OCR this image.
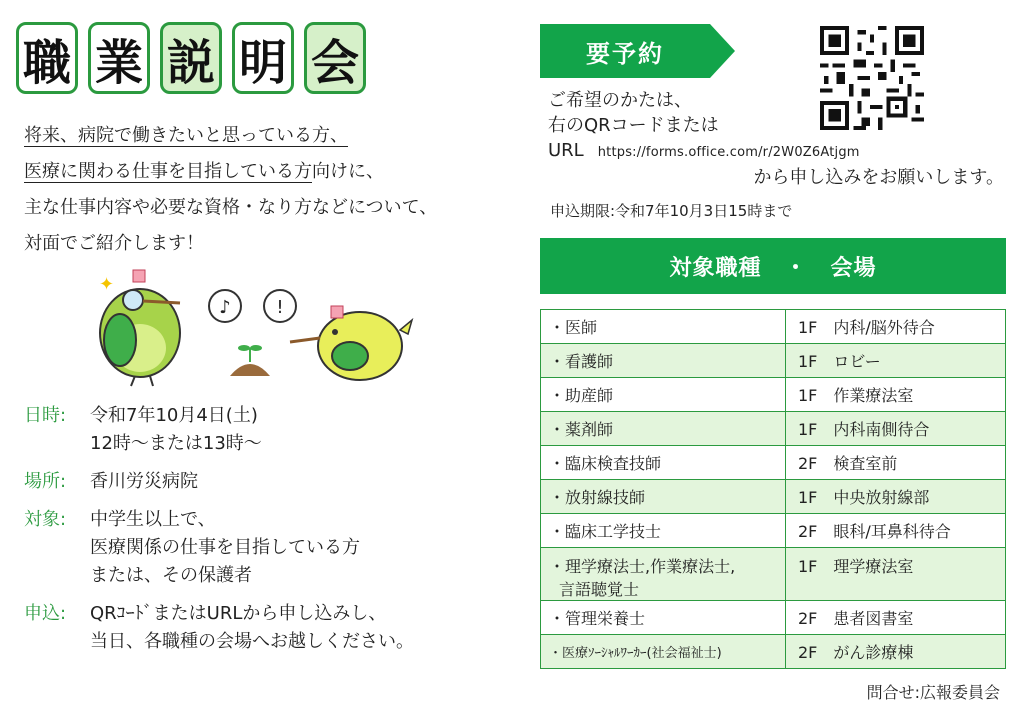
職 業 説 明 会
将来、病院で働きたいと思っている方、
医療に関わる仕事を目指している方向けに、
主な仕事内容や必要な資格・なり方などについて、
対面でご紹介します！
✦
♪	!
日時:	令和7年10月4日(土)
12時～または13時～
場所:	香川労災病院
対象:	中学生以上で、
医療関係の仕事を目指している方
または、その保護者
申込:	QRｺｰﾄﾞまたはURLから申し込みし、
当日、各職種の会場へお越しください。
要予約
ご希望のかたは、
右のQRコードまたは
URL https://forms.office.com/r/2W0Z6Atjgm
から申し込みをお願いします。
申込期限:令和7年10月3日15時まで
対象職種　・　会場
・医師	1F　内科/脳外待合
・看護師	1F　ロビー
・助産師	1F　作業療法室
・薬剤師	1F　内科南側待合
・臨床検査技師	2F　検査室前
・放射線技師	1F　中央放射線部
・臨床工学技士	2F　眼科/耳鼻科待合

・理学療法士,作業療法士,
言語聴覚士	1F　理学療法室
・管理栄養士	2F　患者図書室
・医療ｿｰｼｬﾙﾜｰｶｰ(社会福祉士)	2F　がん診療棟
問合せ:広報委員会
